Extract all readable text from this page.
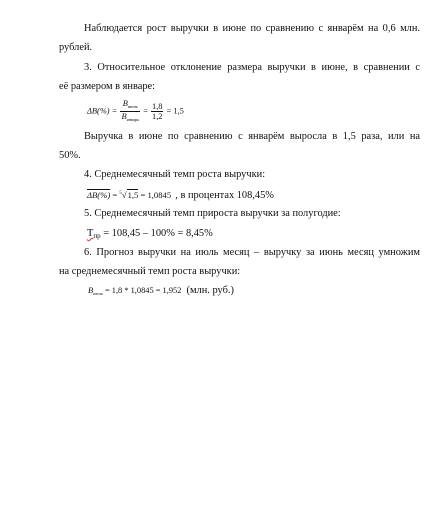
Наблюдается рост выручки в июне по сравнению с январём на 0,6 млн.
рублей.
3. Относительное отклонение размера выручки в июне, в сравнении с
её размером в январе:
$\Delta B(\%) = \frac{B_{июнь}}{B_{январь}} = \frac{1,8}{1,2} = 1,5$
Выручка в июне по сравнению с январём выросла в 1,5 раза, или на
50%.
4. Среднемесячный темп роста выручки:
ΔB(%) = $^5$√1,5 = 1,0845 , в процентах 108,45%
5. Среднемесячный темп прироста выручки за полугодие:
Тпр = 108,45 – 100% = 8,45%
6. Прогноз выручки на июль месяц – выручку за июнь месяц умножим
на среднемесячный темп роста выручки:
$B_{июль} = 1,8 * 1,0845 = 1,952$ (млн. руб.)
